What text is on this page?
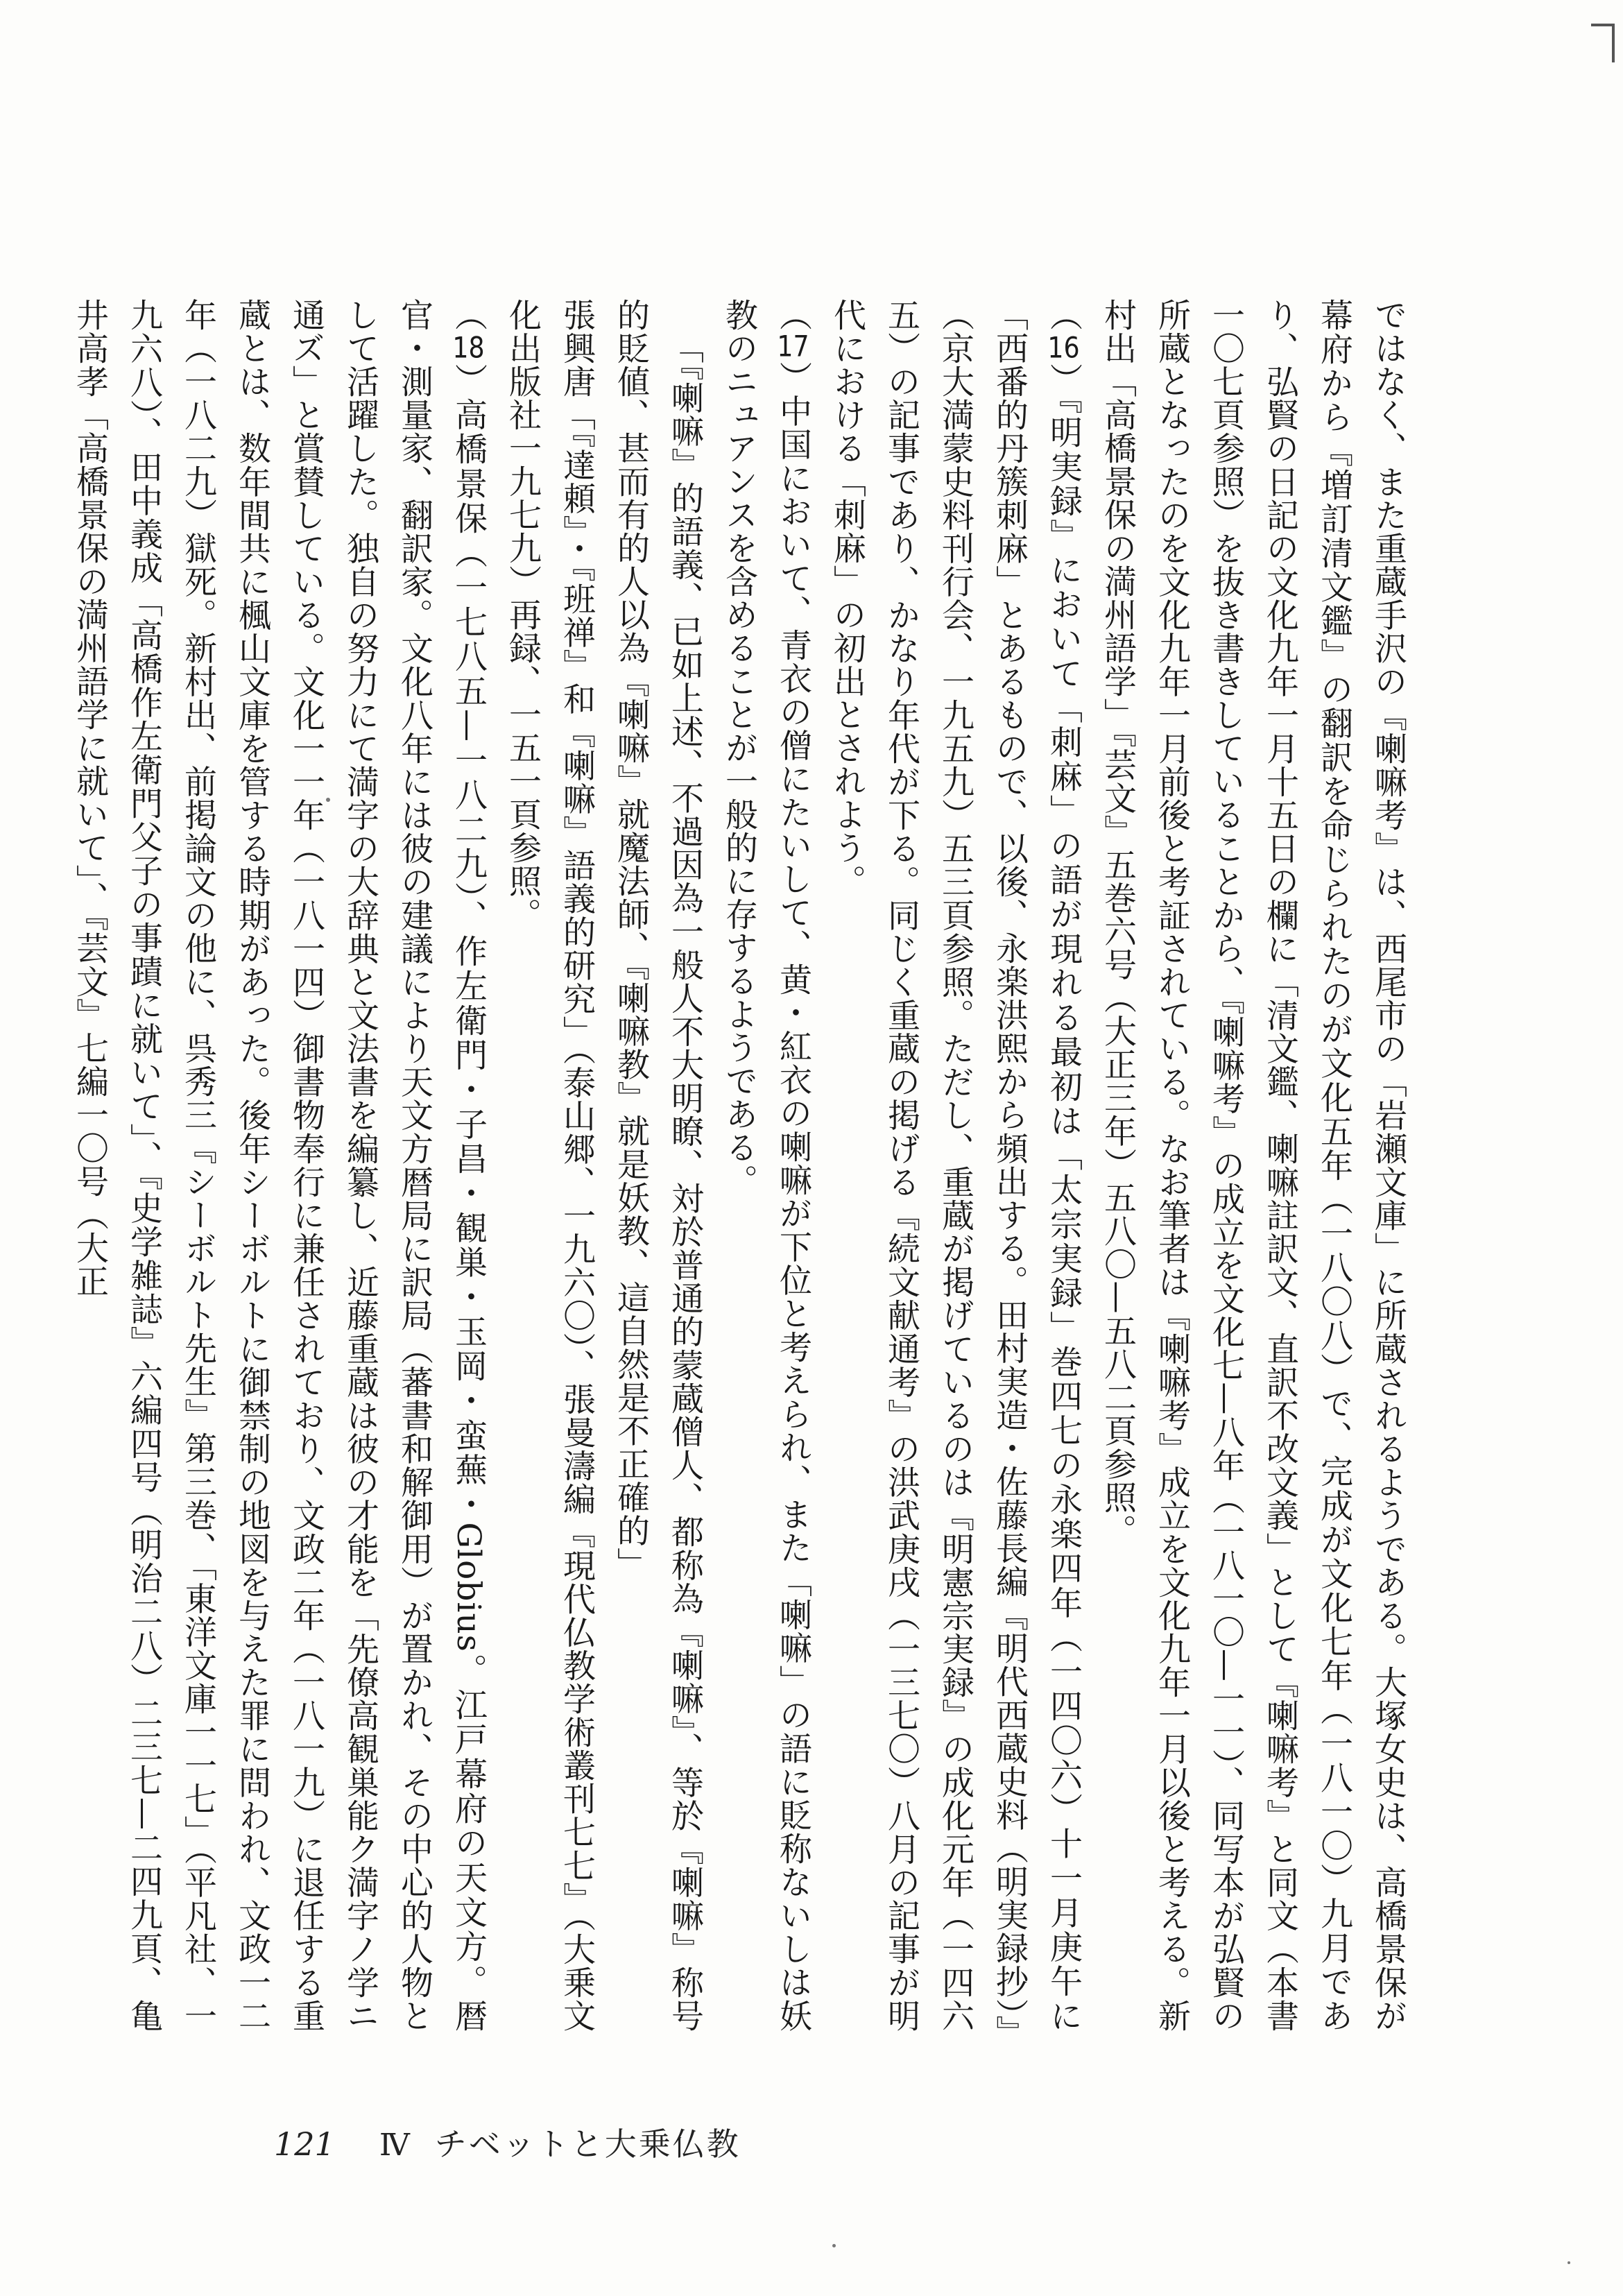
ではなく、また重蔵手沢の『喇嘛考』は、西尾市の「岩瀬文庫」に所蔵されるようである。大塚女史は、高橋景保が幕府から『増訂清文鑑』の翻訳を命じられたのが文化五年（一八〇八）で、完成が文化七年（一八一〇）九月であり、弘賢の日記の文化九年一月十五日の欄に「清文鑑、喇嘛註訳文、直訳不改文義」として『喇嘛考』と同文（本書一〇七頁参照）を抜き書きしていることから、『喇嘛考』の成立を文化七—八年（一八一〇—一一）、同写本が弘賢の所蔵となったのを文化九年一月前後と考証されている。なお筆者は『喇嘛考』成立を文化九年一月以後と考える。新村出「高橋景保の満州語学」『芸文』五巻六号（大正三年）五八〇—五八二頁参照。

（16）『明実録』において「刺麻」の語が現れる最初は「太宗実録」巻四七の永楽四年（一四〇六）十一月庚午に「西番的丹簇刺麻」とあるもので、以後、永楽洪熙から頻出する。田村実造・佐藤長編『明代西蔵史料（明実録抄）』（京大満蒙史料刊行会、一九五九）五三頁参照。ただし、重蔵が掲げているのは『明憲宗実録』の成化元年（一四六五）の記事であり、かなり年代が下る。同じく重蔵の掲げる『続文献通考』の洪武庚戌（一三七〇）八月の記事が明代における「刺麻」の初出とされよう。

（17）中国において、青衣の僧にたいして、黄・紅衣の喇嘛が下位と考えられ、また「喇嘛」の語に貶称ないしは妖教のニュアンスを含めることが一般的に存するようである。

「『喇嘛』的語義、已如上述、不過因為一般人不大明瞭、対於普通的蒙蔵僧人、都称為『喇嘛』、等於『喇嘛』称号的貶値、甚而有的人以為『喇嘛』就魔法師、『喇嘛教』就是妖教、這自然是不正確的」

張興唐「『達頼』・『班禅』和『喇嘛』語義的研究」（泰山郷、一九六〇）、張曼濤編『現代仏教学術叢刊七七』（大乗文化出版社一九七九）再録、一五一頁参照。

（18）高橋景保（一七八五—一八二九）、作左衛門・子昌・観巣・玉岡・蛮蕪・Globius。江戸幕府の天文方。暦官・測量家、翻訳家。文化八年には彼の建議により天文方暦局に訳局（蕃書和解御用）が置かれ、その中心的人物として活躍した。独自の努力にて満字の大辞典と文法書を編纂し、近藤重蔵は彼の才能を「先僚高観巣能ク満字ノ学ニ通ズ」と賞賛している。文化一一年（一八一四）御書物奉行に兼任されており、文政二年（一八一九）に退任する重蔵とは、数年間共に楓山文庫を管する時期があった。後年シーボルトに御禁制の地図を与えた罪に問われ、文政一二年（一八二九）獄死。新村出、前掲論文の他に、呉秀三『シーボルト先生』第三巻、「東洋文庫一一七」（平凡社、一九六八）、田中義成「高橋作左衛門父子の事蹟に就いて」、『史学雑誌』六編四号（明治二八）二三七—二四九頁、亀井高孝「高橋景保の満州語学に就いて」、『芸文』七編一〇号（大正

121 Ⅳ チベットと大乗仏教
